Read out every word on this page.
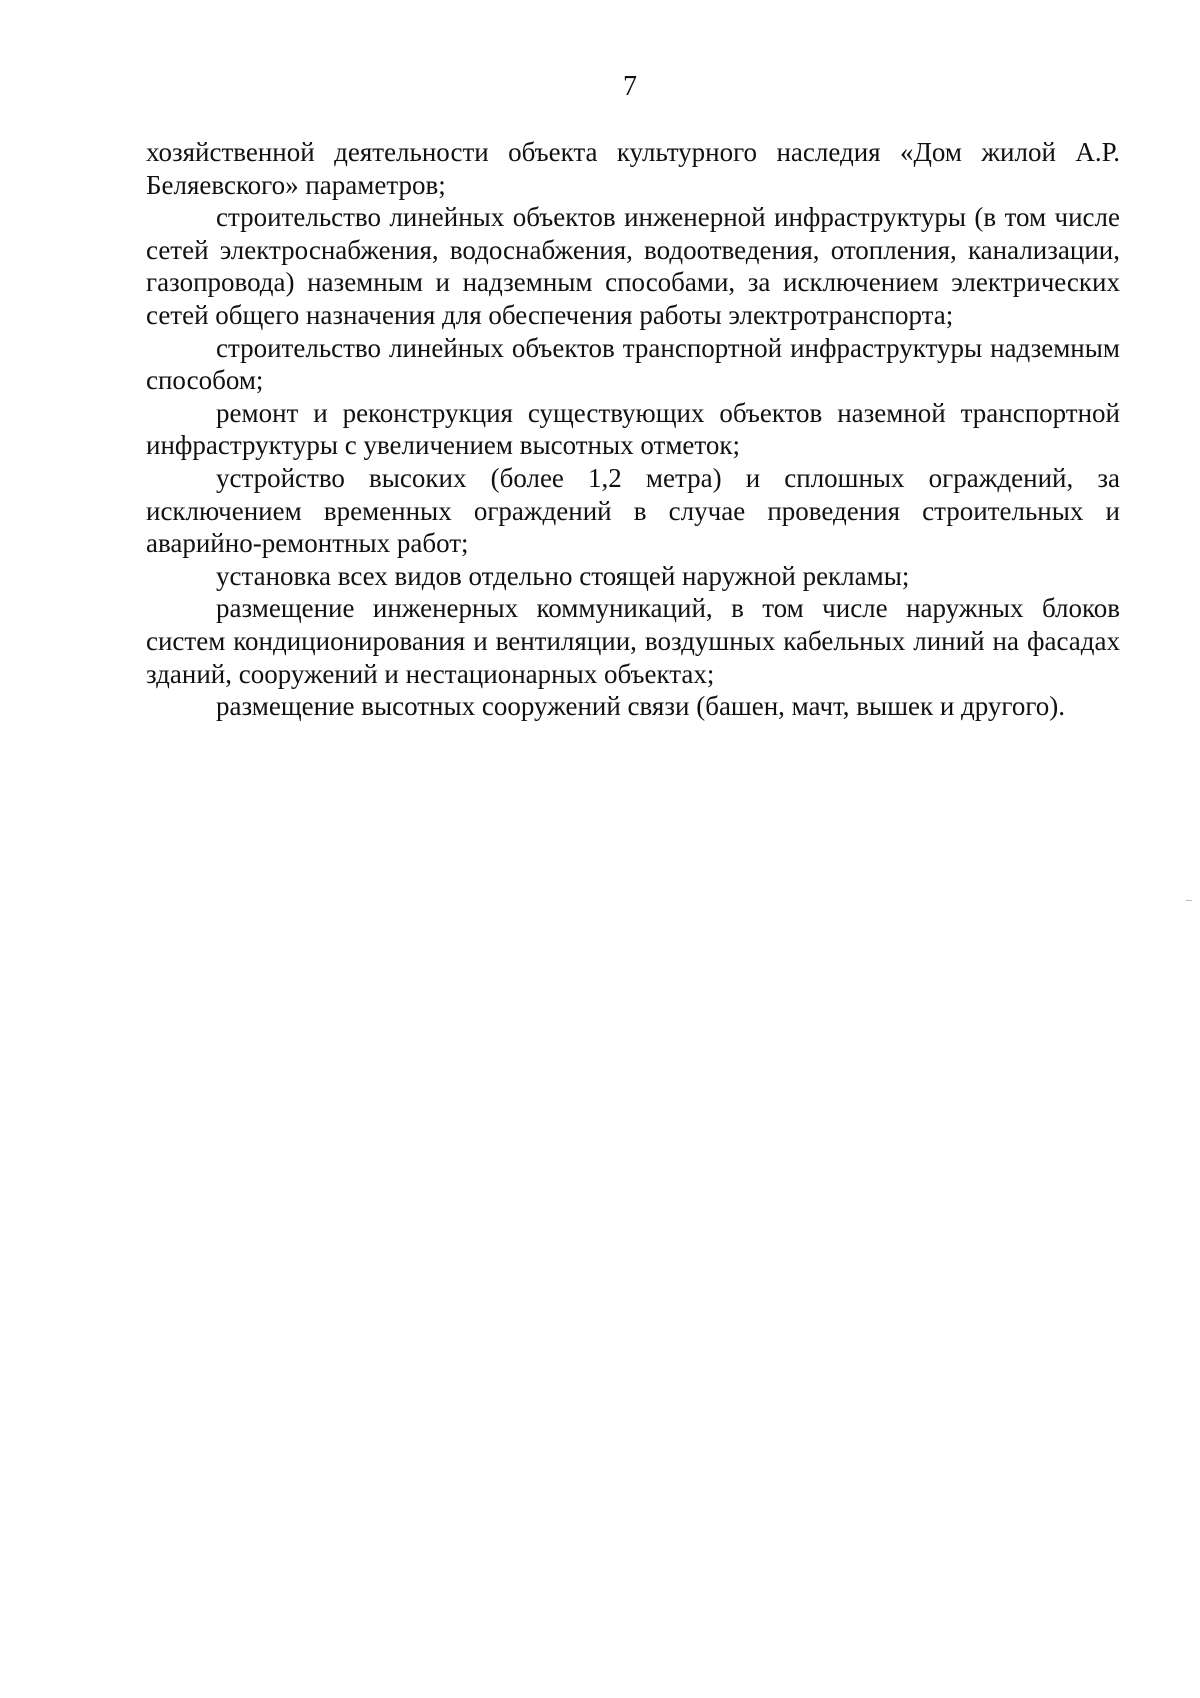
7

хозяйственной деятельности объекта культурного наследия «Дом жилой А.Р. Беляевского» параметров;

строительство линейных объектов инженерной инфраструктуры (в том числе сетей электроснабжения, водоснабжения, водоотведения, отопления, канализации, газопровода) наземным и надземным способами, за исключением электрических сетей общего назначения для обеспечения работы электротранспорта;

строительство линейных объектов транспортной инфраструктуры надземным способом;

ремонт и реконструкция существующих объектов наземной транспортной инфраструктуры с увеличением высотных отметок;

устройство высоких (более 1,2 метра) и сплошных ограждений, за исключением временных ограждений в случае проведения строительных и аварийно-ремонтных работ;

установка всех видов отдельно стоящей наружной рекламы;

размещение инженерных коммуникаций, в том числе наружных блоков систем кондиционирования и вентиляции, воздушных кабельных линий на фасадах зданий, сооружений и нестационарных объектах;

размещение высотных сооружений связи (башен, мачт, вышек и другого).
